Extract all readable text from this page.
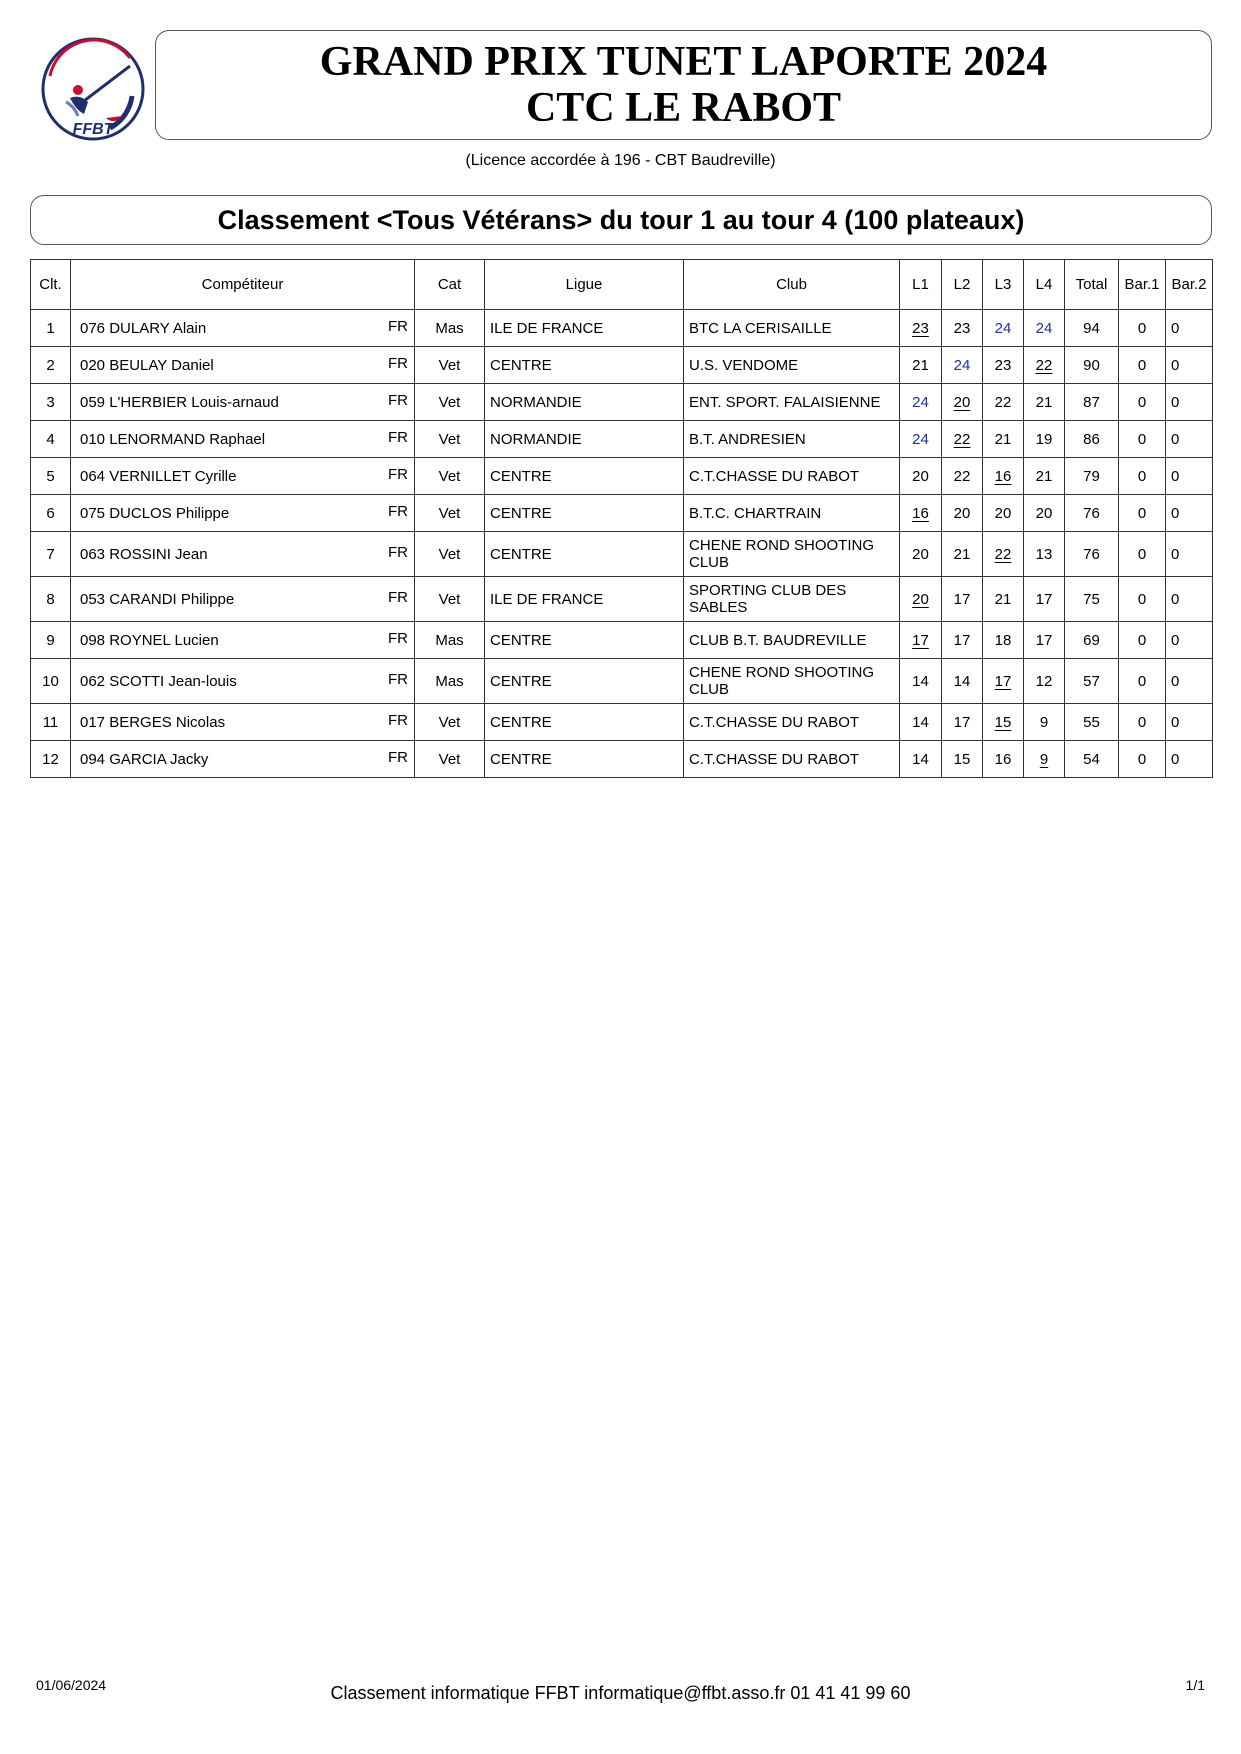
FFBT
GRAND PRIX TUNET LAPORTE 2024
CTC LE RABOT
(Licence accordée à 196 - CBT Baudreville)
Classement <Tous Vétérans> du tour 1 au tour 4 (100 plateaux)
Clt.	Compétiteur	Cat	Ligue	Club	L1	L2	L3	L4	Total	Bar.1	Bar.2
1	076 DULARY Alain FR	Mas	ILE DE FRANCE	BTC LA CERISAILLE	23	23	24	24	94	0	0
2	020 BEULAY Daniel FR	Vet	CENTRE	U.S. VENDOME	21	24	23	22	90	0	0
3	059 L'HERBIER Louis-arnaud FR	Vet	NORMANDIE	ENT. SPORT. FALAISIENNE	24	20	22	21	87	0	0
4	010 LENORMAND Raphael FR	Vet	NORMANDIE	B.T. ANDRESIEN	24	22	21	19	86	0	0
5	064 VERNILLET Cyrille FR	Vet	CENTRE	C.T.CHASSE DU RABOT	20	22	16	21	79	0	0
6	075 DUCLOS Philippe FR	Vet	CENTRE	B.T.C. CHARTRAIN	16	20	20	20	76	0	0
7	063 ROSSINI Jean FR	Vet	CENTRE	CHENE ROND SHOOTING CLUB	20	21	22	13	76	0	0
8	053 CARANDI Philippe FR	Vet	ILE DE FRANCE	SPORTING CLUB DES SABLES	20	17	21	17	75	0	0
9	098 ROYNEL Lucien FR	Mas	CENTRE	CLUB B.T. BAUDREVILLE	17	17	18	17	69	0	0
10	062 SCOTTI Jean-louis FR	Mas	CENTRE	CHENE ROND SHOOTING CLUB	14	14	17	12	57	0	0
11	017 BERGES Nicolas FR	Vet	CENTRE	C.T.CHASSE DU RABOT	14	17	15	9	55	0	0
12	094 GARCIA Jacky FR	Vet	CENTRE	C.T.CHASSE DU RABOT	14	15	16	9	54	0	0
01/06/2024	Classement informatique FFBT informatique@ffbt.asso.fr 01 41 41 99 60	1/1
